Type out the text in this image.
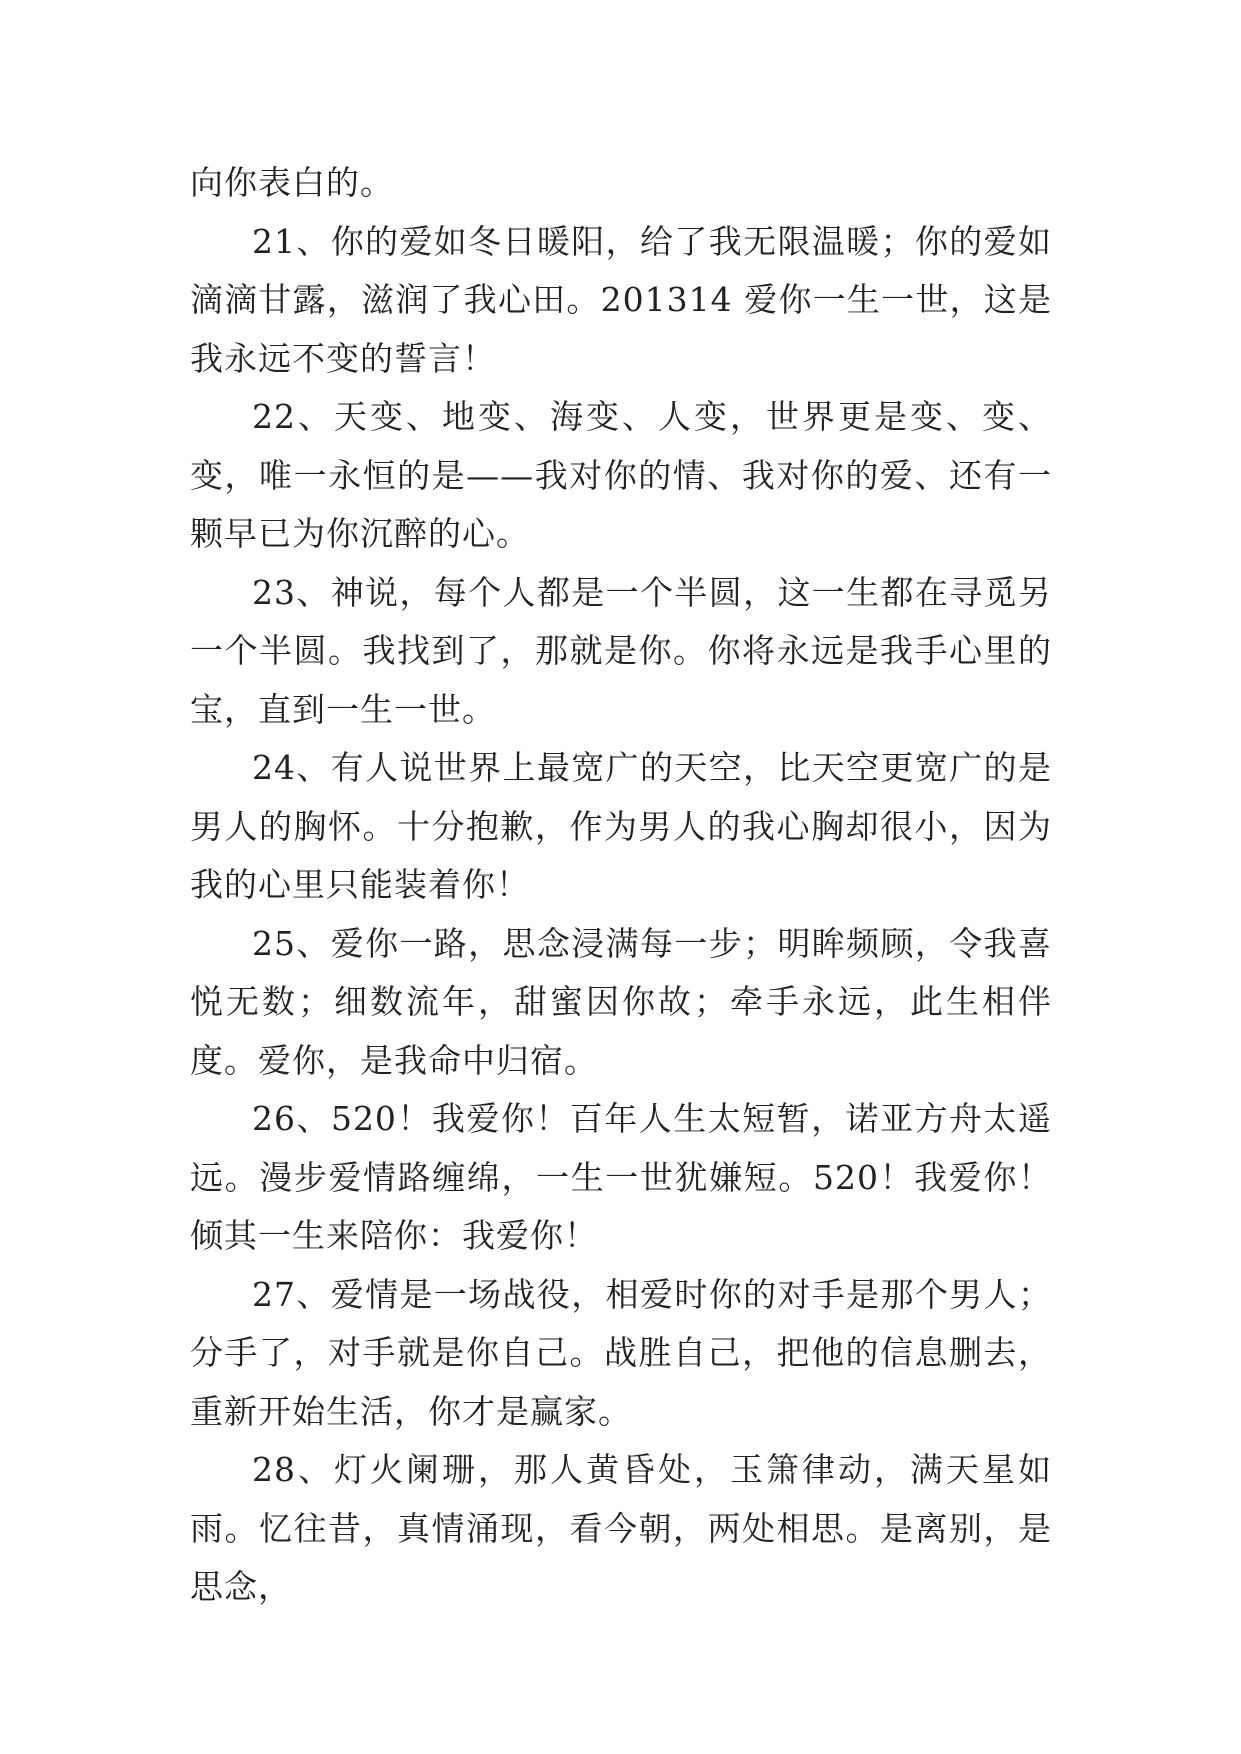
向你表白的。

21、你的爱如冬日暖阳，给了我无限温暖；你的爱如滴滴甘露，滋润了我心田。201314 爱你一生一世，这是我永远不变的誓言！

22、天变、地变、海变、人变，世界更是变、变、变，唯一永恒的是——我对你的情、我对你的爱、还有一颗早已为你沉醉的心。

23、神说，每个人都是一个半圆，这一生都在寻觅另一个半圆。我找到了，那就是你。你将永远是我手心里的宝，直到一生一世。

24、有人说世界上最宽广的天空，比天空更宽广的是男人的胸怀。十分抱歉，作为男人的我心胸却很小，因为我的心里只能装着你！

25、爱你一路，思念浸满每一步；明眸频顾，令我喜悦无数；细数流年，甜蜜因你故；牵手永远，此生相伴度。爱你，是我命中归宿。

26、520！我爱你！百年人生太短暂，诺亚方舟太遥远。漫步爱情路缠绵，一生一世犹嫌短。520！我爱你！倾其一生来陪你：我爱你！

27、爱情是一场战役，相爱时你的对手是那个男人；分手了，对手就是你自己。战胜自己，把他的信息删去，重新开始生活，你才是赢家。

28、灯火阑珊，那人黄昏处，玉箫律动，满天星如雨。忆往昔，真情涌现，看今朝，两处相思。是离别，是思念，
